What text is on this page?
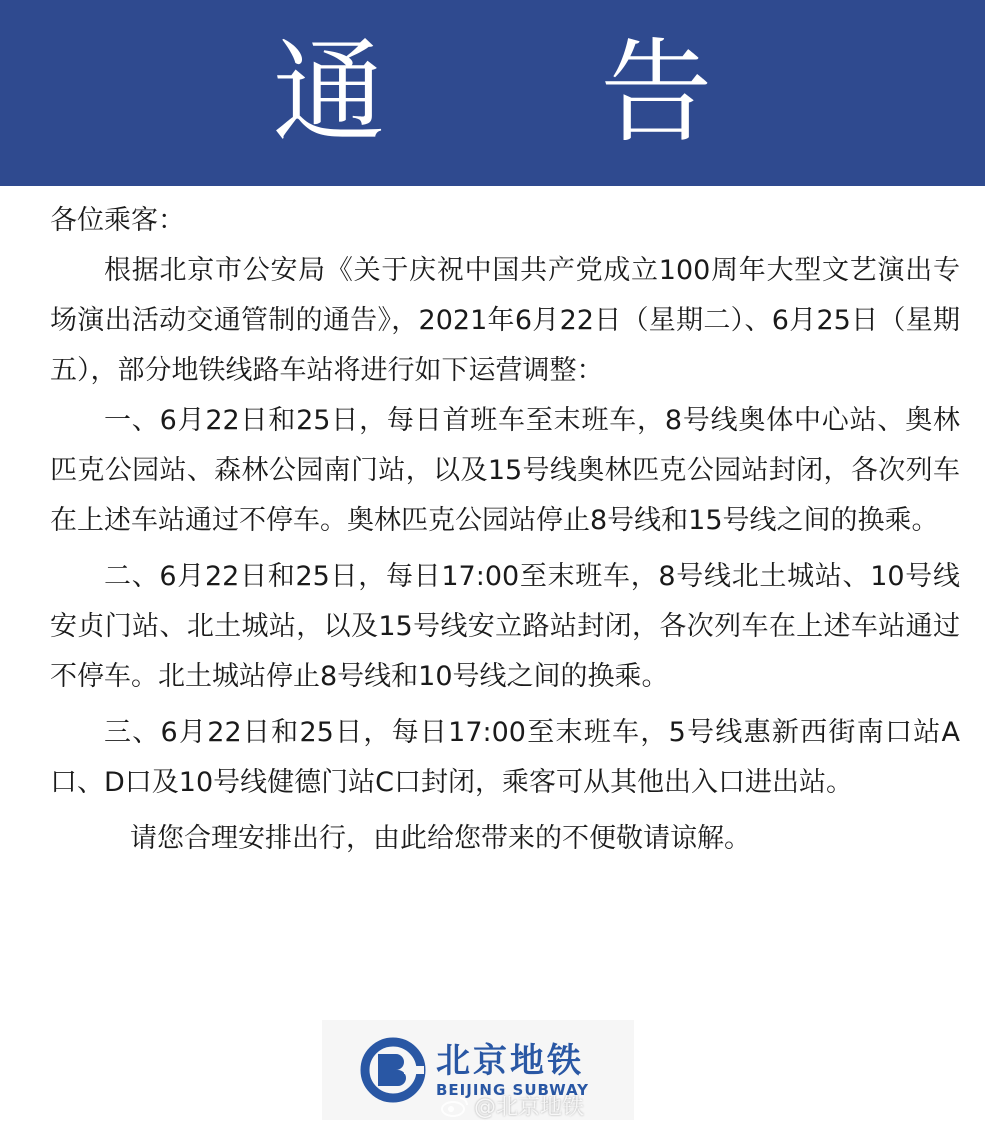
通 告

各位乘客：

根据北京市公安局《关于庆祝中国共产党成立100周年大型文艺演出专场演出活动交通管制的通告》，2021年6月22日（星期二）、6月25日（星期五），部分地铁线路车站将进行如下运营调整：

一、6月22日和25日，每日首班车至末班车，8号线奥体中心站、奥林匹克公园站、森林公园南门站，以及15号线奥林匹克公园站封闭，各次列车在上述车站通过不停车。奥林匹克公园站停止8号线和15号线之间的换乘。

二、6月22日和25日，每日17:00至末班车，8号线北土城站、10号线安贞门站、北土城站，以及15号线安立路站封闭，各次列车在上述车站通过不停车。北土城站停止8号线和10号线之间的换乘。

三、6月22日和25日，每日17:00至末班车，5号线惠新西街南口站A口、D口及10号线健德门站C口封闭，乘客可从其他出入口进出站。

请您合理安排出行，由此给您带来的不便敬请谅解。

北京地铁
BEIJING SUBWAY
@北京地铁
